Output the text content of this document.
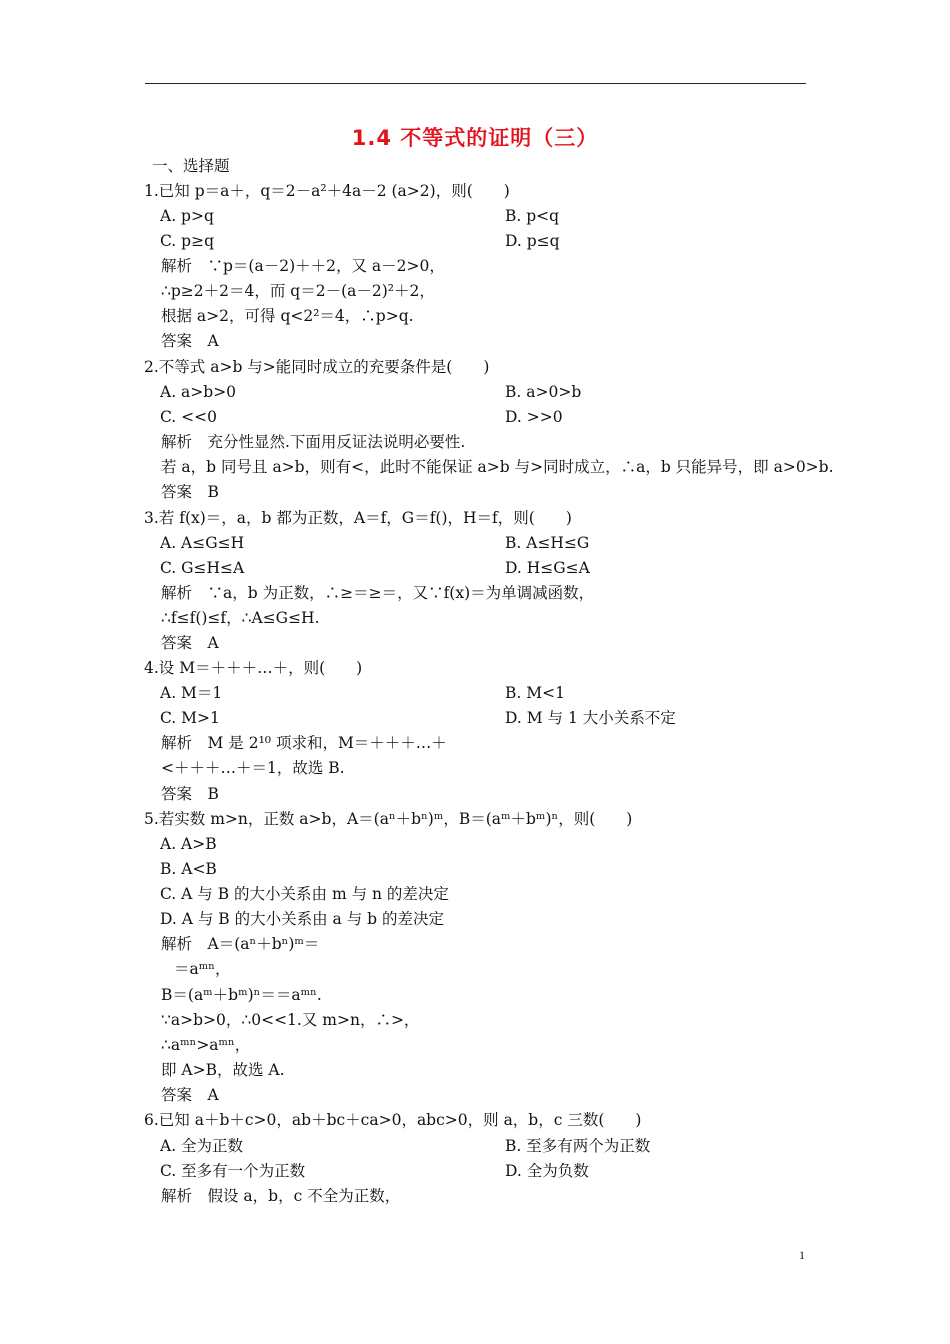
1.4 不等式的证明（三）
一、选择题
1.已知 p＝a＋，q＝2－a²＋4a－2 (a>2)，则(　　)
A. p>q	B. p<q
C. p≥q	D. p≤q
解析　∵p＝(a－2)＋＋2，又 a－2>0，
∴p≥2＋2＝4，而 q＝2－(a－2)²＋2，
根据 a>2，可得 q<2²＝4，∴p>q.
答案　A
2.不等式 a>b 与>能同时成立的充要条件是(　　)
A. a>b>0	B. a>0>b
C. <<0	D. >>0
解析　充分性显然.下面用反证法说明必要性.
若 a，b 同号且 a>b，则有<，此时不能保证 a>b 与>同时成立，∴a，b 只能异号，即 a>0>b.
答案　B
3.若 f(x)＝，a，b 都为正数，A＝f，G＝f()，H＝f，则(　　)
A. A≤G≤H	B. A≤H≤G
C. G≤H≤A	D. H≤G≤A
解析　∵a，b 为正数，∴≥＝≥＝，又∵f(x)＝为单调减函数，
∴f≤f()≤f，∴A≤G≤H.
答案　A
4.设 M＝＋＋＋…＋，则(　　)
A. M＝1	B. M<1
C. M>1	D. M 与 1 大小关系不定
解析　M 是 2¹⁰ 项求和，M＝＋＋＋…＋
<＋＋＋…＋＝1，故选 B.
答案　B
5.若实数 m>n，正数 a>b，A＝(aⁿ＋bⁿ)ᵐ，B＝(aᵐ＋bᵐ)ⁿ，则(　　)
A. A>B
B. A<B
C. A 与 B 的大小关系由 m 与 n 的差决定
D. A 与 B 的大小关系由 a 与 b 的差决定
解析　A＝(aⁿ＋bⁿ)ᵐ＝
＝aᵐⁿ，
B＝(aᵐ＋bᵐ)ⁿ＝＝aᵐⁿ.
∵a>b>0，∴0<<1.又 m>n，∴>，
∴aᵐⁿ>aᵐⁿ，
即 A>B，故选 A.
答案　A
6.已知 a＋b＋c>0，ab＋bc＋ca>0，abc>0，则 a，b，c 三数(　　)
A. 全为正数	B. 至多有两个为正数
C. 至多有一个为正数	D. 全为负数
解析　假设 a，b，c 不全为正数，
1
